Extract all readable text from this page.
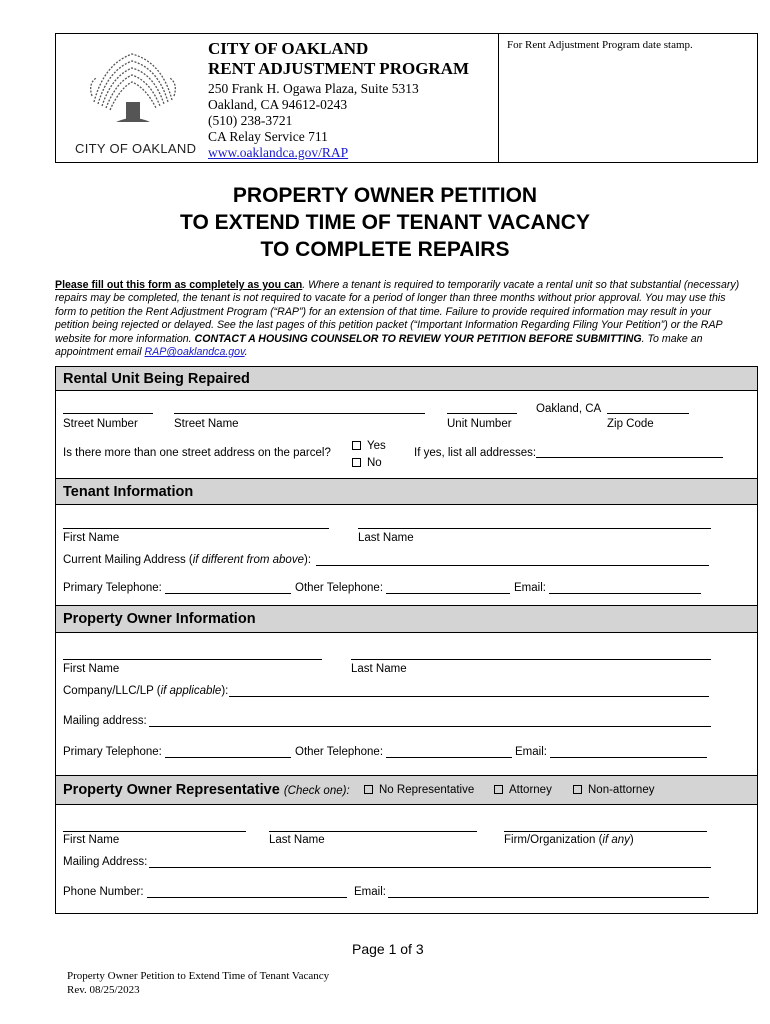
CITY OF OAKLAND
CITY OF OAKLAND
RENT ADJUSTMENT PROGRAM
250 Frank H. Ogawa Plaza, Suite 5313
Oakland, CA 94612-0243
(510) 238-3721
CA Relay Service 711
www.oaklandca.gov/RAP
For Rent Adjustment Program date stamp.
PROPERTY OWNER PETITION
TO EXTEND TIME OF TENANT VACANCY
TO COMPLETE REPAIRS
Please fill out this form as completely as you can. Where a tenant is required to temporarily vacate a rental unit so that substantial (necessary) repairs may be completed, the tenant is not required to vacate for a period of longer than three months without prior approval. You may use this form to petition the Rent Adjustment Program (“RAP”) for an extension of that time. Failure to provide required information may result in your petition being rejected or delayed. See the last pages of this petition packet (“Important Information Regarding Filing Your Petition”) or the RAP website for more information. CONTACT A HOUSING COUNSELOR TO REVIEW YOUR PETITION BEFORE SUBMITTING. To make an appointment email RAP@oaklandca.gov.
Rental Unit Being Repaired
Oakland, CA
Street Number	Street Name	Unit Number	Zip Code
Is there more than one street address on the parcel?
Yes
No
If yes, list all addresses:
Tenant Information
First Name	Last Name
Current Mailing Address (if different from above):
Primary Telephone:	Other Telephone:	Email:
Property Owner Information
First Name	Last Name
Company/LLC/LP (if applicable):
Mailing address:
Primary Telephone:	Other Telephone:	Email:
Property Owner Representative (Check one):	No Representative	Attorney	Non-attorney
First Name	Last Name	Firm/Organization (if any)
Mailing Address:
Phone Number:	Email:
Page 1 of 3
Property Owner Petition to Extend Time of Tenant Vacancy
Rev. 08/25/2023
